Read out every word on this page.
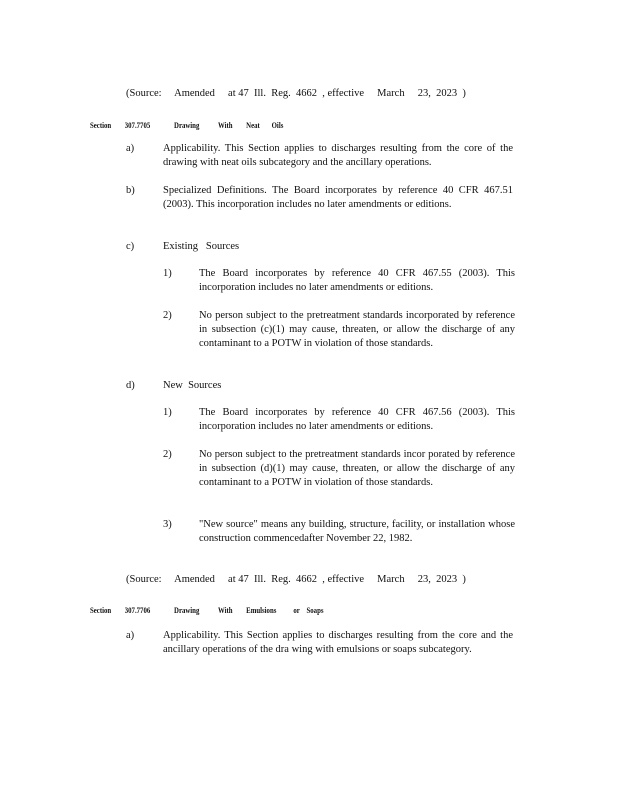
(Source:     Amended     at 47  Ill.  Reg.  4662  , effective     March     23,  2023  )
Section        307.7705              Drawing           With        Neat       Oils
a)	Applicability. This Section applies to discharges resulting from the core of the drawing with neat oils subcategory and the ancillary operations.
b)	Specialized Definitions. The Board incorporates by reference 40 CFR 467.51 (2003). This incorporation includes no later amendments or editions.
c)	Existing   Sources
1)	The Board incorporates by reference 40 CFR 467.55 (2003). This incorporation includes no later amendments or editions.
2)	No person subject to the pretreatment standards incorporated by reference in subsection (c)(1) may cause, threaten, or allow the discharge of any contaminant to a POTW in violation of those standards.
d)	New  Sources
1)	The Board incorporates by reference 40 CFR 467.56 (2003). This incorporation includes no later amendments or editions.
2)	No person subject to the pretreatment standards incor porated by reference in subsection (d)(1) may cause, threaten, or allow the discharge of any contaminant to a POTW in violation of those standards.
3)	"New source" means any building, structure, facility, or installation whose construction commencedafter November 22, 1982.
(Source:     Amended     at 47  Ill.  Reg.  4662  , effective     March     23,  2023  )
Section        307.7706              Drawing           With        Emulsions          or    Soaps
a)	Applicability. This Section applies to discharges resulting from the core and the ancillary operations of the dra wing with emulsions or soaps subcategory.
